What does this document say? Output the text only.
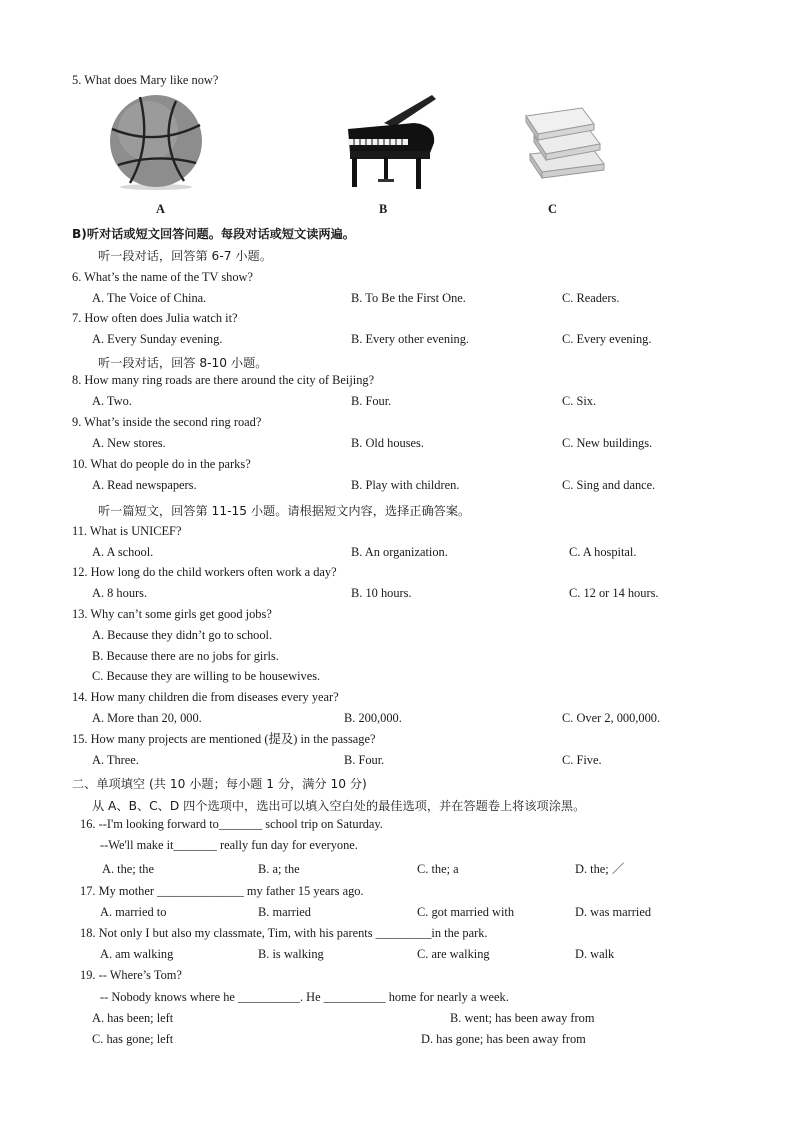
5. What does Mary like now?
A	B	C
B)听对话或短文回答问题。每段对话或短文读两遍。
听一段对话，回答第 6-7 小题。
6. What’s the name of the TV show?
A. The Voice of China.	B. To Be the First One.	C. Readers.
7. How often does Julia watch it?
A. Every Sunday evening.	B. Every other evening.	C. Every evening.
听一段对话，回答 8-10 小题。
8. How many ring roads are there around the city of Beijing?
A. Two.	B. Four.	C. Six.
9. What’s inside the second ring road?
A. New stores.	B. Old houses.	C. New buildings.
10. What do people do in the parks?
A. Read newspapers.	B. Play with children.	C. Sing and dance.
听一篇短文，回答第 11-15 小题。请根据短文内容，选择正确答案。
11. What is UNICEF?
A. A school.	B. An organization.	C. A hospital.
12. How long do the child workers often work a day?
A. 8 hours.	B. 10 hours.	C. 12 or 14 hours.
13. Why can’t some girls get good jobs?
A. Because they didn’t go to school.
B. Because there are no jobs for girls.
C. Because they are willing to be housewives.
14. How many children die from diseases every year?
A. More than 20, 000.	B. 200,000.	C. Over 2, 000,000.
15. How many projects are mentioned (提及) in the passage?
A. Three.	B. Four.	C. Five.
二、单项填空 (共 10 小题；每小题 1 分，满分 10 分)
从 A、B、C、D 四个选项中，选出可以填入空白处的最佳选项，并在答题卷上将该项涂黑。
16. --I'm looking forward to_______ school trip on Saturday.
--We'll make it_______ really fun day for everyone.
A. the; the	B. a; the	C. the; a	D. the; ／
17. My mother ______________ my father 15 years ago.
A. married to	B. married	C. got married with	D. was married
18. Not only I but also my classmate, Tim, with his parents _________in the park.
A. am walking	B. is walking	C. are walking	D. walk
19. -- Where’s Tom?
-- Nobody knows where he __________. He __________ home for nearly a week.
A. has been; left	B. went; has been away from
C. has gone; left	D. has gone; has been away from
